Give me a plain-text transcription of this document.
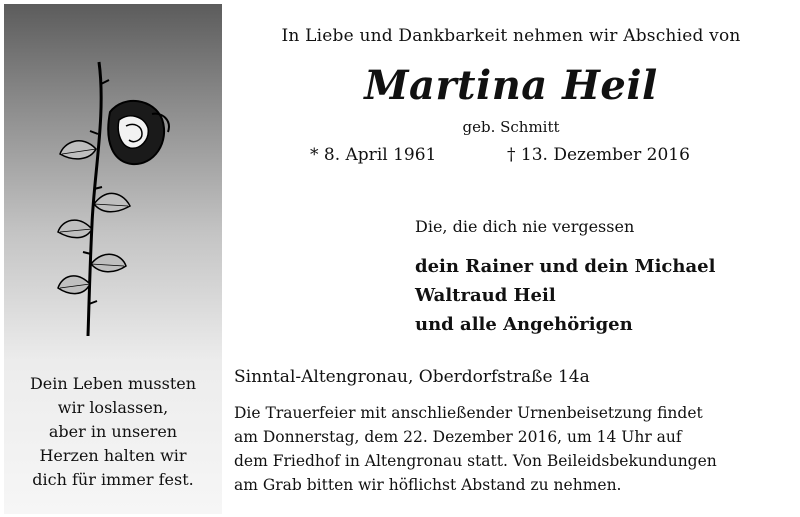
Dein Leben mussten
wir loslassen,
aber in unseren
Herzen halten wir
dich für immer fest.
In Liebe und Dankbarkeit nehmen wir Abschied von
Martina Heil
geb. Schmitt
* 8. April 1961	† 13. Dezember 2016
Die, die dich nie vergessen
dein Rainer und dein Michael
Waltraud Heil
und alle Angehörigen
Sinntal-Altengronau, Oberdorfstraße 14a
Die Trauerfeier mit anschließender Urnenbeisetzung findet
am Donnerstag, dem 22. Dezember 2016, um 14 Uhr auf
dem Friedhof in Altengronau statt. Von Beileidsbekundungen
am Grab bitten wir höflichst Abstand zu nehmen.
